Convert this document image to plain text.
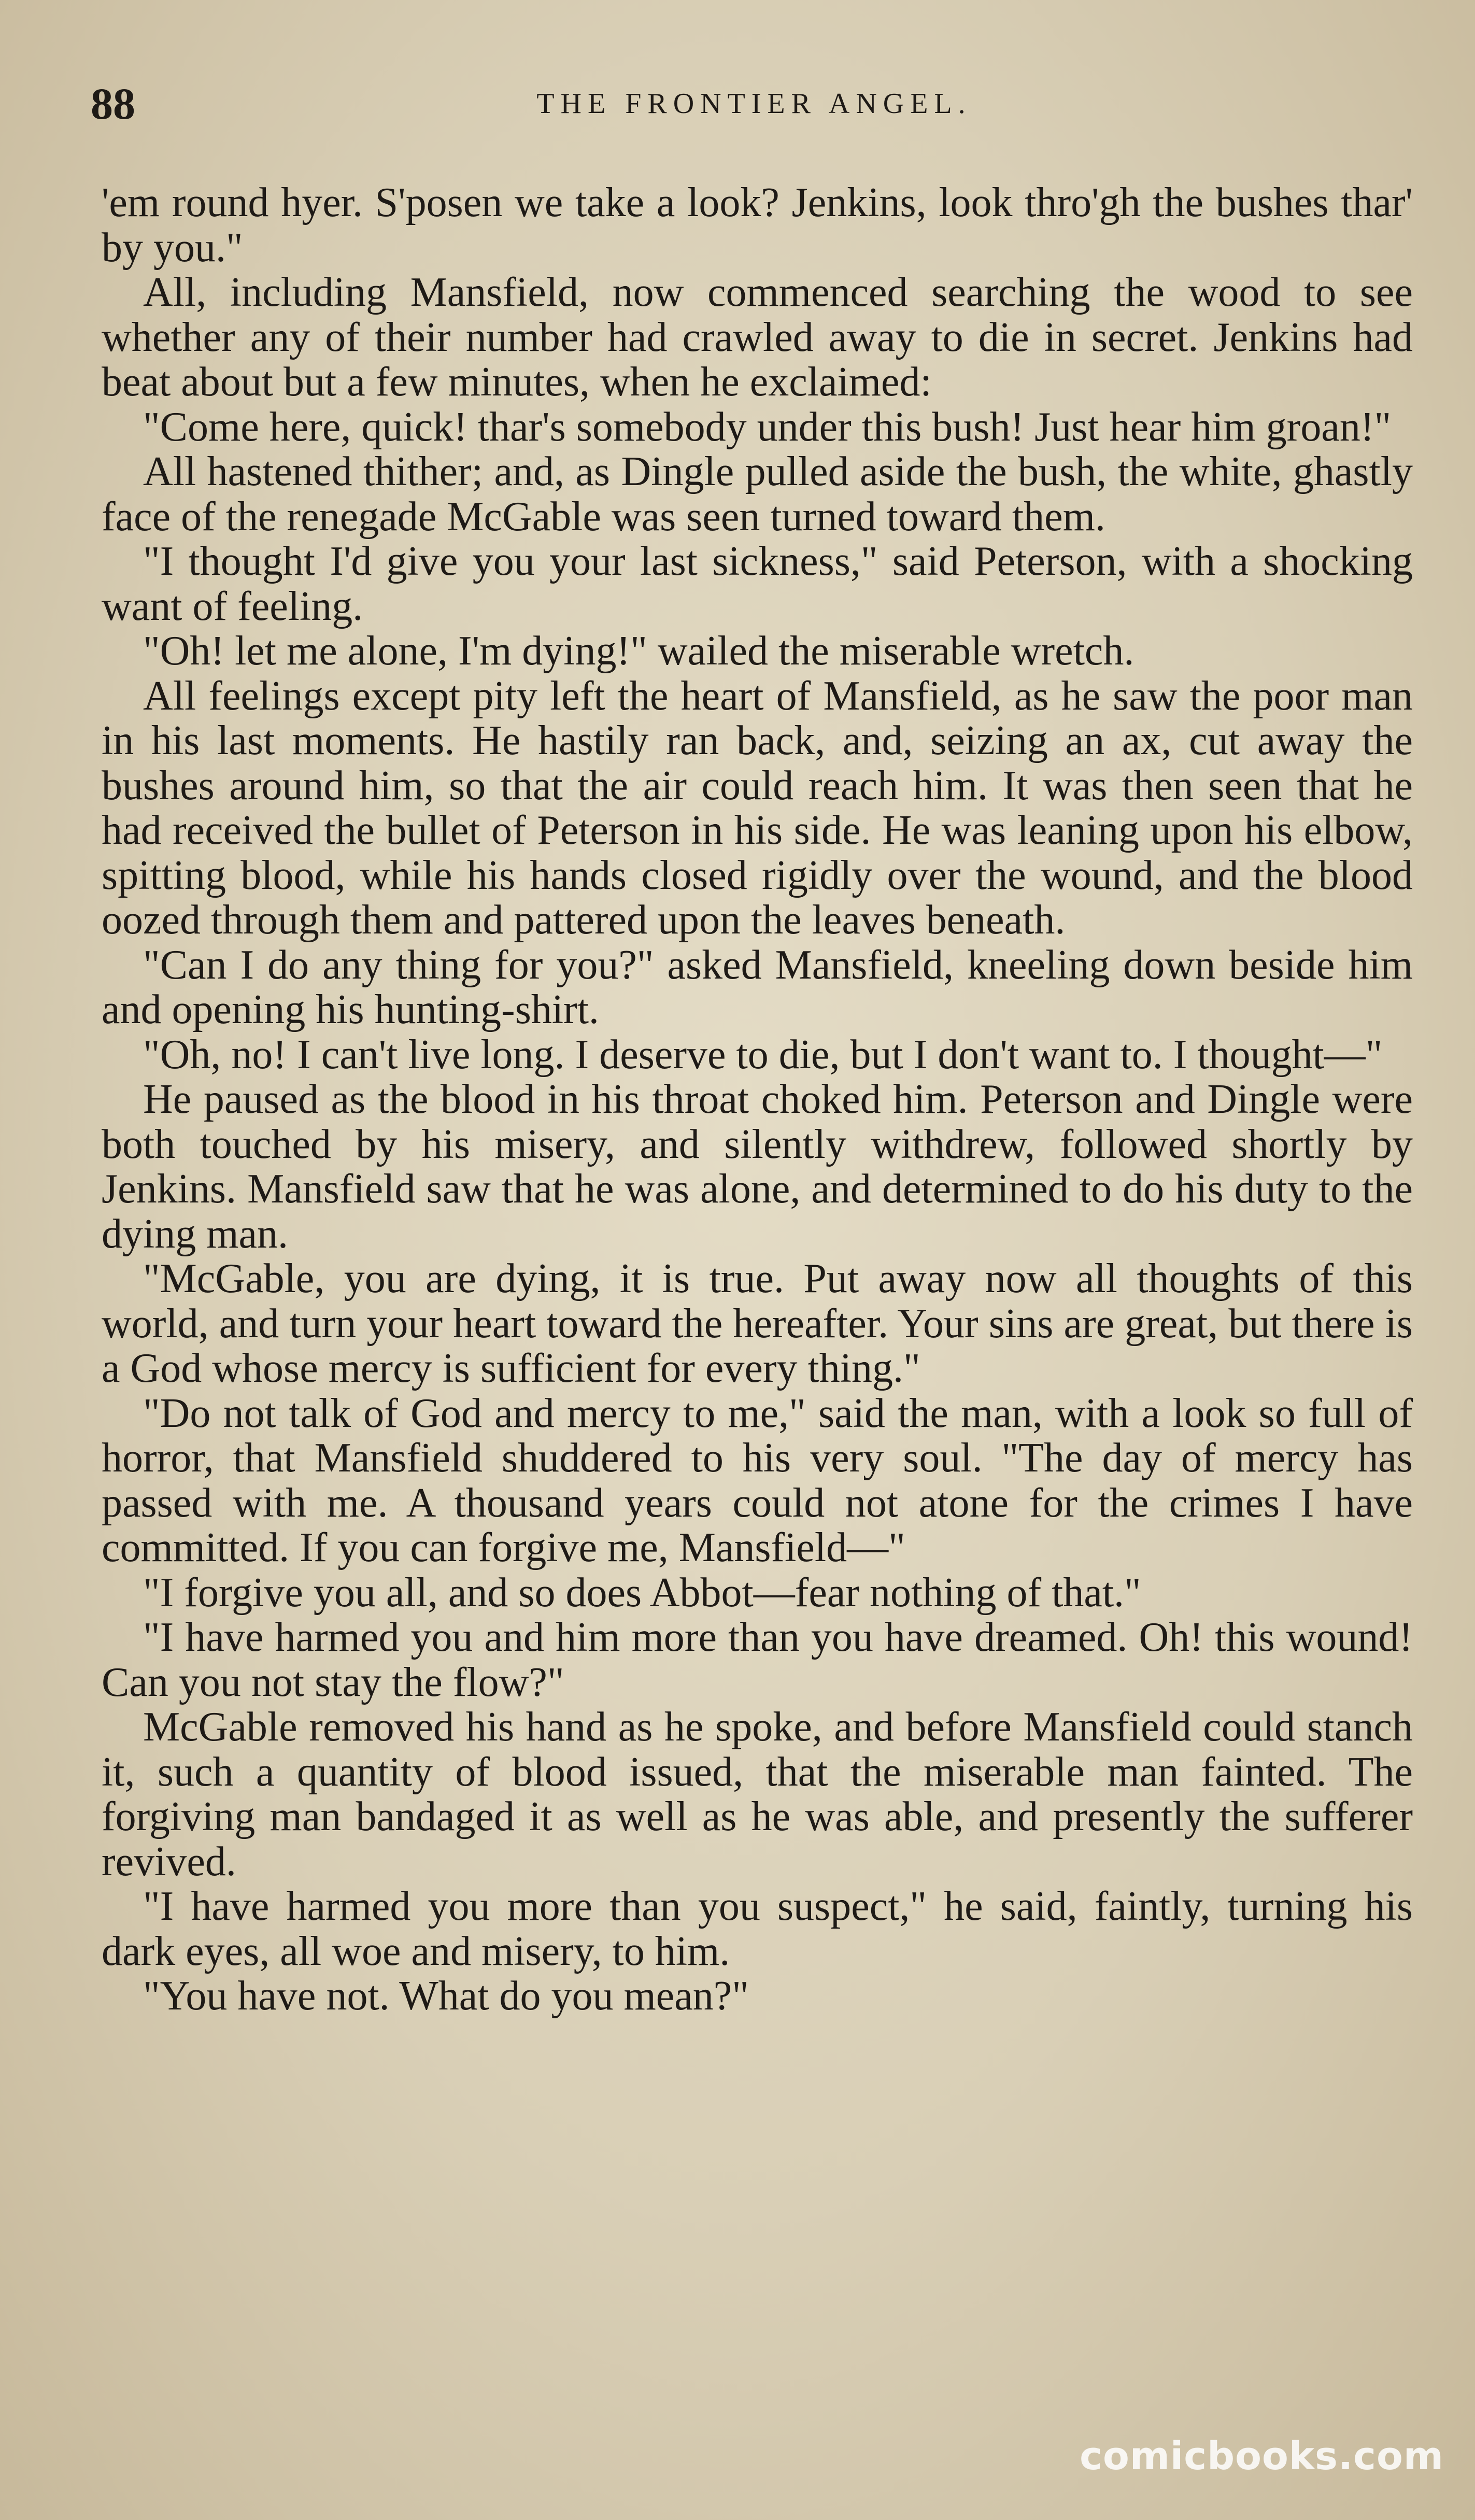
88	THE FRONTIER ANGEL.

'em round hyer. S'posen we take a look? Jenkins, look thro'gh the bushes thar' by you."

All, including Mansfield, now commenced searching the wood to see whether any of their number had crawled away to die in secret. Jenkins had beat about but a few minutes, when he exclaimed:

"Come here, quick! thar's somebody under this bush! Just hear him groan!"

All hastened thither; and, as Dingle pulled aside the bush, the white, ghastly face of the renegade McGable was seen turned toward them.

"I thought I'd give you your last sickness," said Peterson, with a shocking want of feeling.

"Oh! let me alone, I'm dying!" wailed the miserable wretch.

All feelings except pity left the heart of Mansfield, as he saw the poor man in his last moments. He hastily ran back, and, seizing an ax, cut away the bushes around him, so that the air could reach him. It was then seen that he had received the bullet of Peterson in his side. He was leaning upon his elbow, spitting blood, while his hands closed rigidly over the wound, and the blood oozed through them and pattered upon the leaves beneath.

"Can I do any thing for you?" asked Mansfield, kneeling down beside him and opening his hunting-shirt.

"Oh, no! I can't live long. I deserve to die, but I don't want to. I thought—"

He paused as the blood in his throat choked him. Peterson and Dingle were both touched by his misery, and silently withdrew, followed shortly by Jenkins. Mansfield saw that he was alone, and determined to do his duty to the dying man.

"McGable, you are dying, it is true. Put away now all thoughts of this world, and turn your heart toward the hereafter. Your sins are great, but there is a God whose mercy is sufficient for every thing."

"Do not talk of God and mercy to me," said the man, with a look so full of horror, that Mansfield shuddered to his very soul. "The day of mercy has passed with me. A thousand years could not atone for the crimes I have committed. If you can forgive me, Mansfield—"

"I forgive you all, and so does Abbot—fear nothing of that."

"I have harmed you and him more than you have dreamed. Oh! this wound! Can you not stay the flow?"

McGable removed his hand as he spoke, and before Mansfield could stanch it, such a quantity of blood issued, that the miserable man fainted. The forgiving man bandaged it as well as he was able, and presently the sufferer revived.

"I have harmed you more than you suspect," he said, faintly, turning his dark eyes, all woe and misery, to him.

"You have not. What do you mean?"

comicbooks.com
